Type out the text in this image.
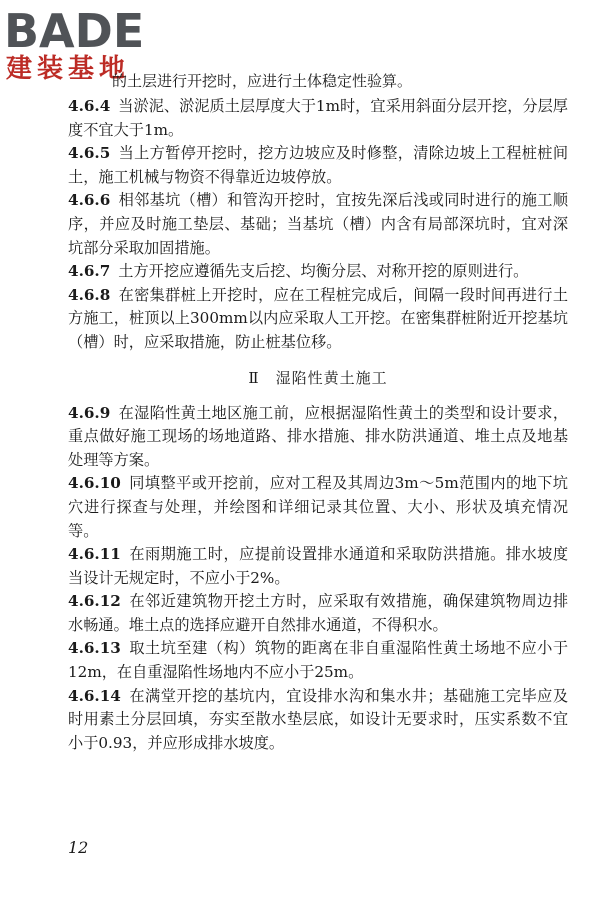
BADE
建装基地
的土层进行开挖时，应进行土体稳定性验算。

4.6.4 当淤泥、淤泥质土层厚度大于1m时，宜采用斜面分层开挖，分层厚度不宜大于1m。

4.6.5 当上方暂停开挖时，挖方边坡应及时修整，清除边坡上工程桩桩间土，施工机械与物资不得靠近边坡停放。

4.6.6 相邻基坑（槽）和管沟开挖时，宜按先深后浅或同时进行的施工顺序，并应及时施工垫层、基础；当基坑（槽）内含有局部深坑时，宜对深坑部分采取加固措施。

4.6.7 土方开挖应遵循先支后挖、均衡分层、对称开挖的原则进行。

4.6.8 在密集群桩上开挖时，应在工程桩完成后，间隔一段时间再进行土方施工，桩顶以上300mm以内应采取人工开挖。在密集群桩附近开挖基坑（槽）时，应采取措施，防止桩基位移。

Ⅱ　湿陷性黄土施工

4.6.9 在湿陷性黄土地区施工前，应根据湿陷性黄土的类型和设计要求，重点做好施工现场的场地道路、排水措施、排水防洪通道、堆土点及地基处理等方案。

4.6.10 同填整平或开挖前，应对工程及其周边3m～5m范围内的地下坑穴进行探查与处理，并绘图和详细记录其位置、大小、形状及填充情况等。

4.6.11 在雨期施工时，应提前设置排水通道和采取防洪措施。排水坡度当设计无规定时，不应小于2%。

4.6.12 在邻近建筑物开挖土方时，应采取有效措施，确保建筑物周边排水畅通。堆土点的选择应避开自然排水通道，不得积水。

4.6.13 取土坑至建（构）筑物的距离在非自重湿陷性黄土场地不应小于12m，在自重湿陷性场地内不应小于25m。

4.6.14 在满堂开挖的基坑内，宜设排水沟和集水井；基础施工完毕应及时用素土分层回填，夯实至散水垫层底，如设计无要求时，压实系数不宜小于0.93，并应形成排水坡度。

12
